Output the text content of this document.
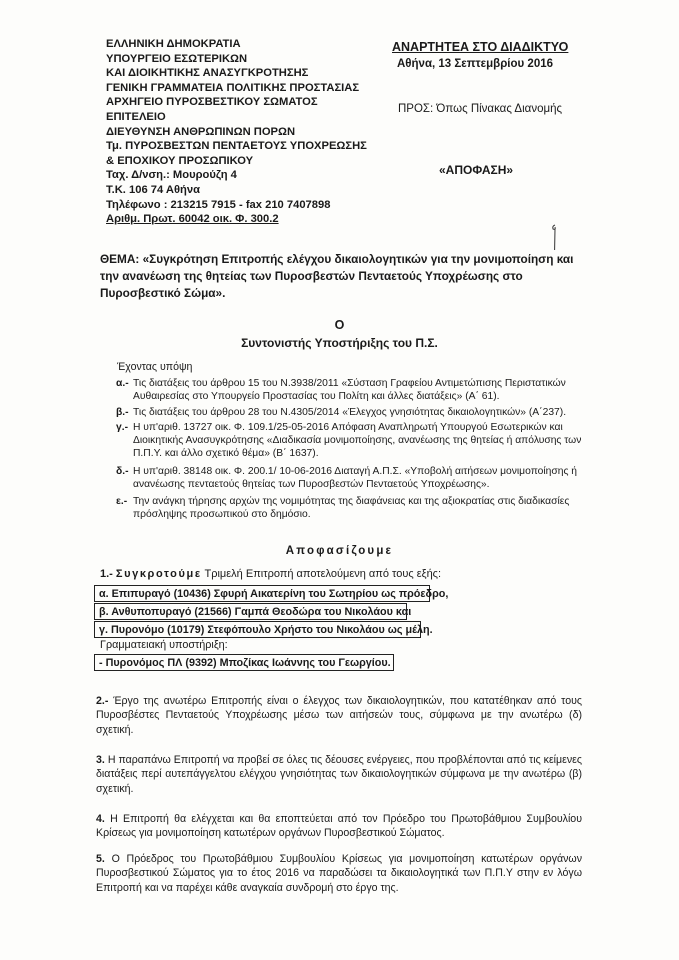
ΕΛΛΗΝΙΚΗ ΔΗΜΟΚΡΑΤΙΑ
ΥΠΟΥΡΓΕΙΟ ΕΣΩΤΕΡΙΚΩΝ
ΚΑΙ ΔΙΟΙΚΗΤΙΚΗΣ ΑΝΑΣΥΓΚΡΟΤΗΣΗΣ
ΓΕΝΙΚΗ ΓΡΑΜΜΑΤΕΙΑ ΠΟΛΙΤΙΚΗΣ ΠΡΟΣΤΑΣΙΑΣ
ΑΡΧΗΓΕΙΟ ΠΥΡΟΣΒΕΣΤΙΚΟΥ ΣΩΜΑΤΟΣ
ΕΠΙΤΕΛΕΙΟ
ΔΙΕΥΘΥΝΣΗ ΑΝΘΡΩΠΙΝΩΝ ΠΟΡΩΝ
Τμ. ΠΥΡΟΣΒΕΣΤΩΝ ΠΕΝΤΑΕΤΟΥΣ ΥΠΟΧΡΕΩΣΗΣ
& ΕΠΟΧΙΚΟΥ ΠΡΟΣΩΠΙΚΟΥ
Ταχ. Δ/νση.: Μουρούζη 4
Τ.Κ. 106 74 Αθήνα
Τηλέφωνο : 213215 7915 - fax 210 7407898
Αριθμ. Πρωτ. 60042 οικ. Φ. 300.2
ΑΝΑΡΤΗΤΕΑ ΣΤΟ ΔΙΑΔΙΚΤΥΟ
Αθήνα, 13 Σεπτεμβρίου 2016
ΠΡΟΣ: Όπως Πίνακας Διανομής
«ΑΠΟΦΑΣΗ»
ΘΕΜΑ: «Συγκρότηση Επιτροπής ελέγχου δικαιολογητικών για την μονιμοποίηση και την ανανέωση της θητείας των Πυροσβεστών Πενταετούς Υποχρέωσης στο Πυροσβεστικό Σώμα».
Ο
Συντονιστής Υποστήριξης του Π.Σ.
Έχοντας υπόψη
α.- Τις διατάξεις του άρθρου 15 του Ν.3938/2011 «Σύσταση Γραφείου Αντιμετώπισης Περιστατικών Αυθαιρεσίας στο Υπουργείο Προστασίας του Πολίτη και άλλες διατάξεις» (Α΄ 61).
β.- Τις διατάξεις του άρθρου 28 του Ν.4305/2014 «Έλεγχος γνησιότητας δικαιολογητικών» (Α΄237).
γ.- Η υπ'αριθ. 13727 οικ. Φ. 109.1/25-05-2016 Απόφαση Αναπληρωτή Υπουργού Εσωτερικών και Διοικητικής Ανασυγκρότησης «Διαδικασία μονιμοποίησης, ανανέωσης της θητείας ή απόλυσης των Π.Π.Υ. και άλλο σχετικό θέμα» (Β΄ 1637).
δ.- Η υπ'αριθ. 38148 οικ. Φ. 200.1/ 10-06-2016 Διαταγή Α.Π.Σ. «Υποβολή αιτήσεων μονιμοποίησης ή ανανέωσης πενταετούς θητείας των Πυροσβεστών Πενταετούς Υποχρέωσης».
ε.- Την ανάγκη τήρησης αρχών της νομιμότητας της διαφάνειας και της αξιοκρατίας στις διαδικασίες πρόσληψης προσωπικού στο δημόσιο.
Αποφασίζουμε
1.- Συγκροτούμε Τριμελή Επιτροπή αποτελούμενη από τους εξής:
α. Επιπυραγό (10436) Σφυρή Αικατερίνη του Σωτηρίου ως πρόεδρο,
β. Ανθυποπυραγό (21566) Γαμπά Θεοδώρα του Νικολάου και
γ. Πυρονόμο (10179) Στεφόπουλο Χρήστο του Νικολάου ως μέλη.
Γραμματειακή υποστήριξη:
- Πυρονόμος ΠΛ (9392) Μποζίκας Ιωάννης του Γεωργίου.
2.- Έργο της ανωτέρω Επιτροπής είναι ο έλεγχος των δικαιολογητικών, που κατατέθηκαν από τους Πυροσβέστες Πενταετούς Υποχρέωσης μέσω των αιτήσεών τους, σύμφωνα με την ανωτέρω (δ) σχετική.
3. Η παραπάνω Επιτροπή να προβεί σε όλες τις δέουσες ενέργειες, που προβλέπονται από τις κείμενες διατάξεις περί αυτεπάγγελτου ελέγχου γνησιότητας των δικαιολογητικών σύμφωνα με την ανωτέρω (β) σχετική.
4. Η Επιτροπή θα ελέγχεται και θα εποπτεύεται από τον Πρόεδρο του Πρωτοβάθμιου Συμβουλίου Κρίσεως για μονιμοποίηση κατωτέρων οργάνων Πυροσβεστικού Σώματος.
5. Ο Πρόεδρος του Πρωτοβάθμιου Συμβουλίου Κρίσεως για μονιμοποίηση κατωτέρων οργάνων Πυροσβεστικού Σώματος για το έτος 2016 να παραδώσει τα δικαιολογητικά των Π.Π.Υ στην εν λόγω Επιτροπή και να παρέχει κάθε αναγκαία συνδρομή στο έργο της.
